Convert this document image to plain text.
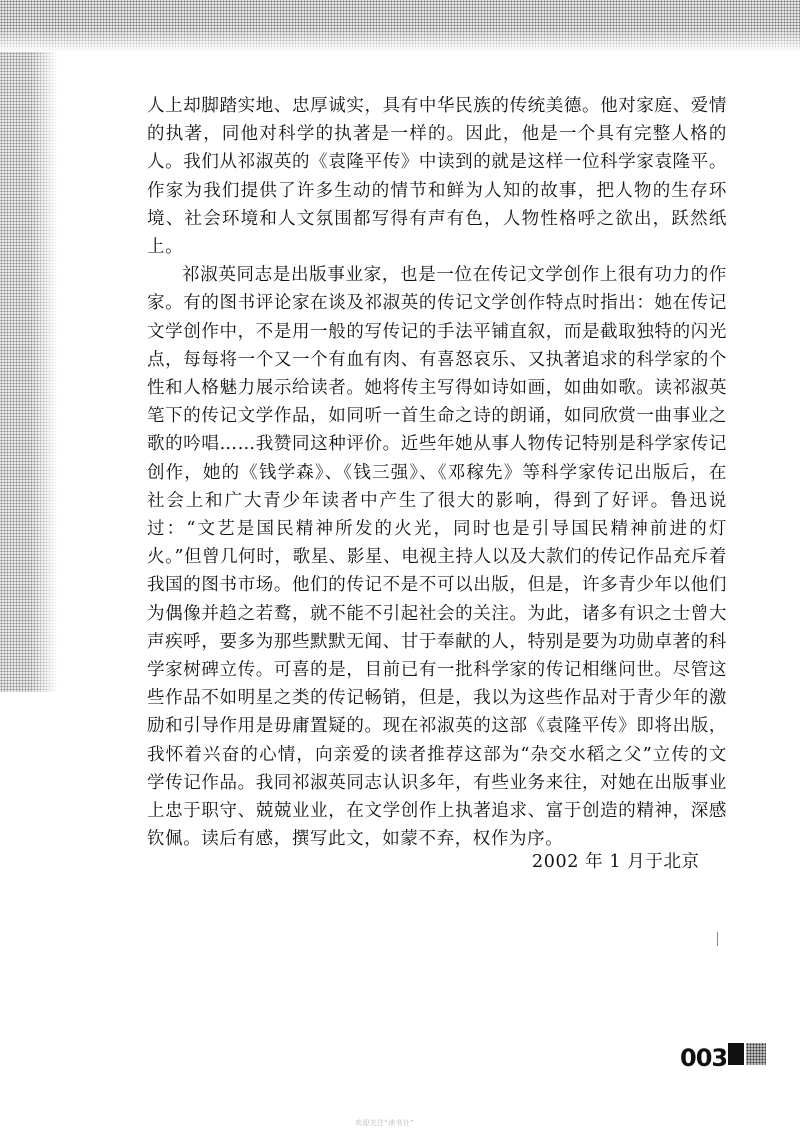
人上却脚踏实地、忠厚诚实，具有中华民族的传统美德。他对家庭、爱情的执著，同他对科学的执著是一样的。因此，他是一个具有完整人格的人。我们从祁淑英的《袁隆平传》中读到的就是这样一位科学家袁隆平。作家为我们提供了许多生动的情节和鲜为人知的故事，把人物的生存环境、社会环境和人文氛围都写得有声有色，人物性格呼之欲出，跃然纸上。

祁淑英同志是出版事业家，也是一位在传记文学创作上很有功力的作家。有的图书评论家在谈及祁淑英的传记文学创作特点时指出：她在传记文学创作中，不是用一般的写传记的手法平铺直叙，而是截取独特的闪光点，每每将一个又一个有血有肉、有喜怒哀乐、又执著追求的科学家的个性和人格魅力展示给读者。她将传主写得如诗如画，如曲如歌。读祁淑英笔下的传记文学作品，如同听一首生命之诗的朗诵，如同欣赏一曲事业之歌的吟唱……我赞同这种评价。近些年她从事人物传记特别是科学家传记创作，她的《钱学森》、《钱三强》、《邓稼先》等科学家传记出版后，在社会上和广大青少年读者中产生了很大的影响，得到了好评。鲁迅说过：“文艺是国民精神所发的火光，同时也是引导国民精神前进的灯火。”但曾几何时，歌星、影星、电视主持人以及大款们的传记作品充斥着我国的图书市场。他们的传记不是不可以出版，但是，许多青少年以他们为偶像并趋之若鹜，就不能不引起社会的关注。为此，诸多有识之士曾大声疾呼，要多为那些默默无闻、甘于奉献的人，特别是要为功勋卓著的科学家树碑立传。可喜的是，目前已有一批科学家的传记相继问世。尽管这些作品不如明星之类的传记畅销，但是，我以为这些作品对于青少年的激励和引导作用是毋庸置疑的。现在祁淑英的这部《袁隆平传》即将出版，我怀着兴奋的心情，向亲爱的读者推荐这部为“杂交水稻之父”立传的文学传记作品。我同祁淑英同志认识多年，有些业务来往，对她在出版事业上忠于职守、兢兢业业，在文学创作上执著追求、富于创造的精神，深感钦佩。读后有感，撰写此文，如蒙不弃，权作为序。

2002 年 1 月于北京
003
欢迎关注“读书社”
